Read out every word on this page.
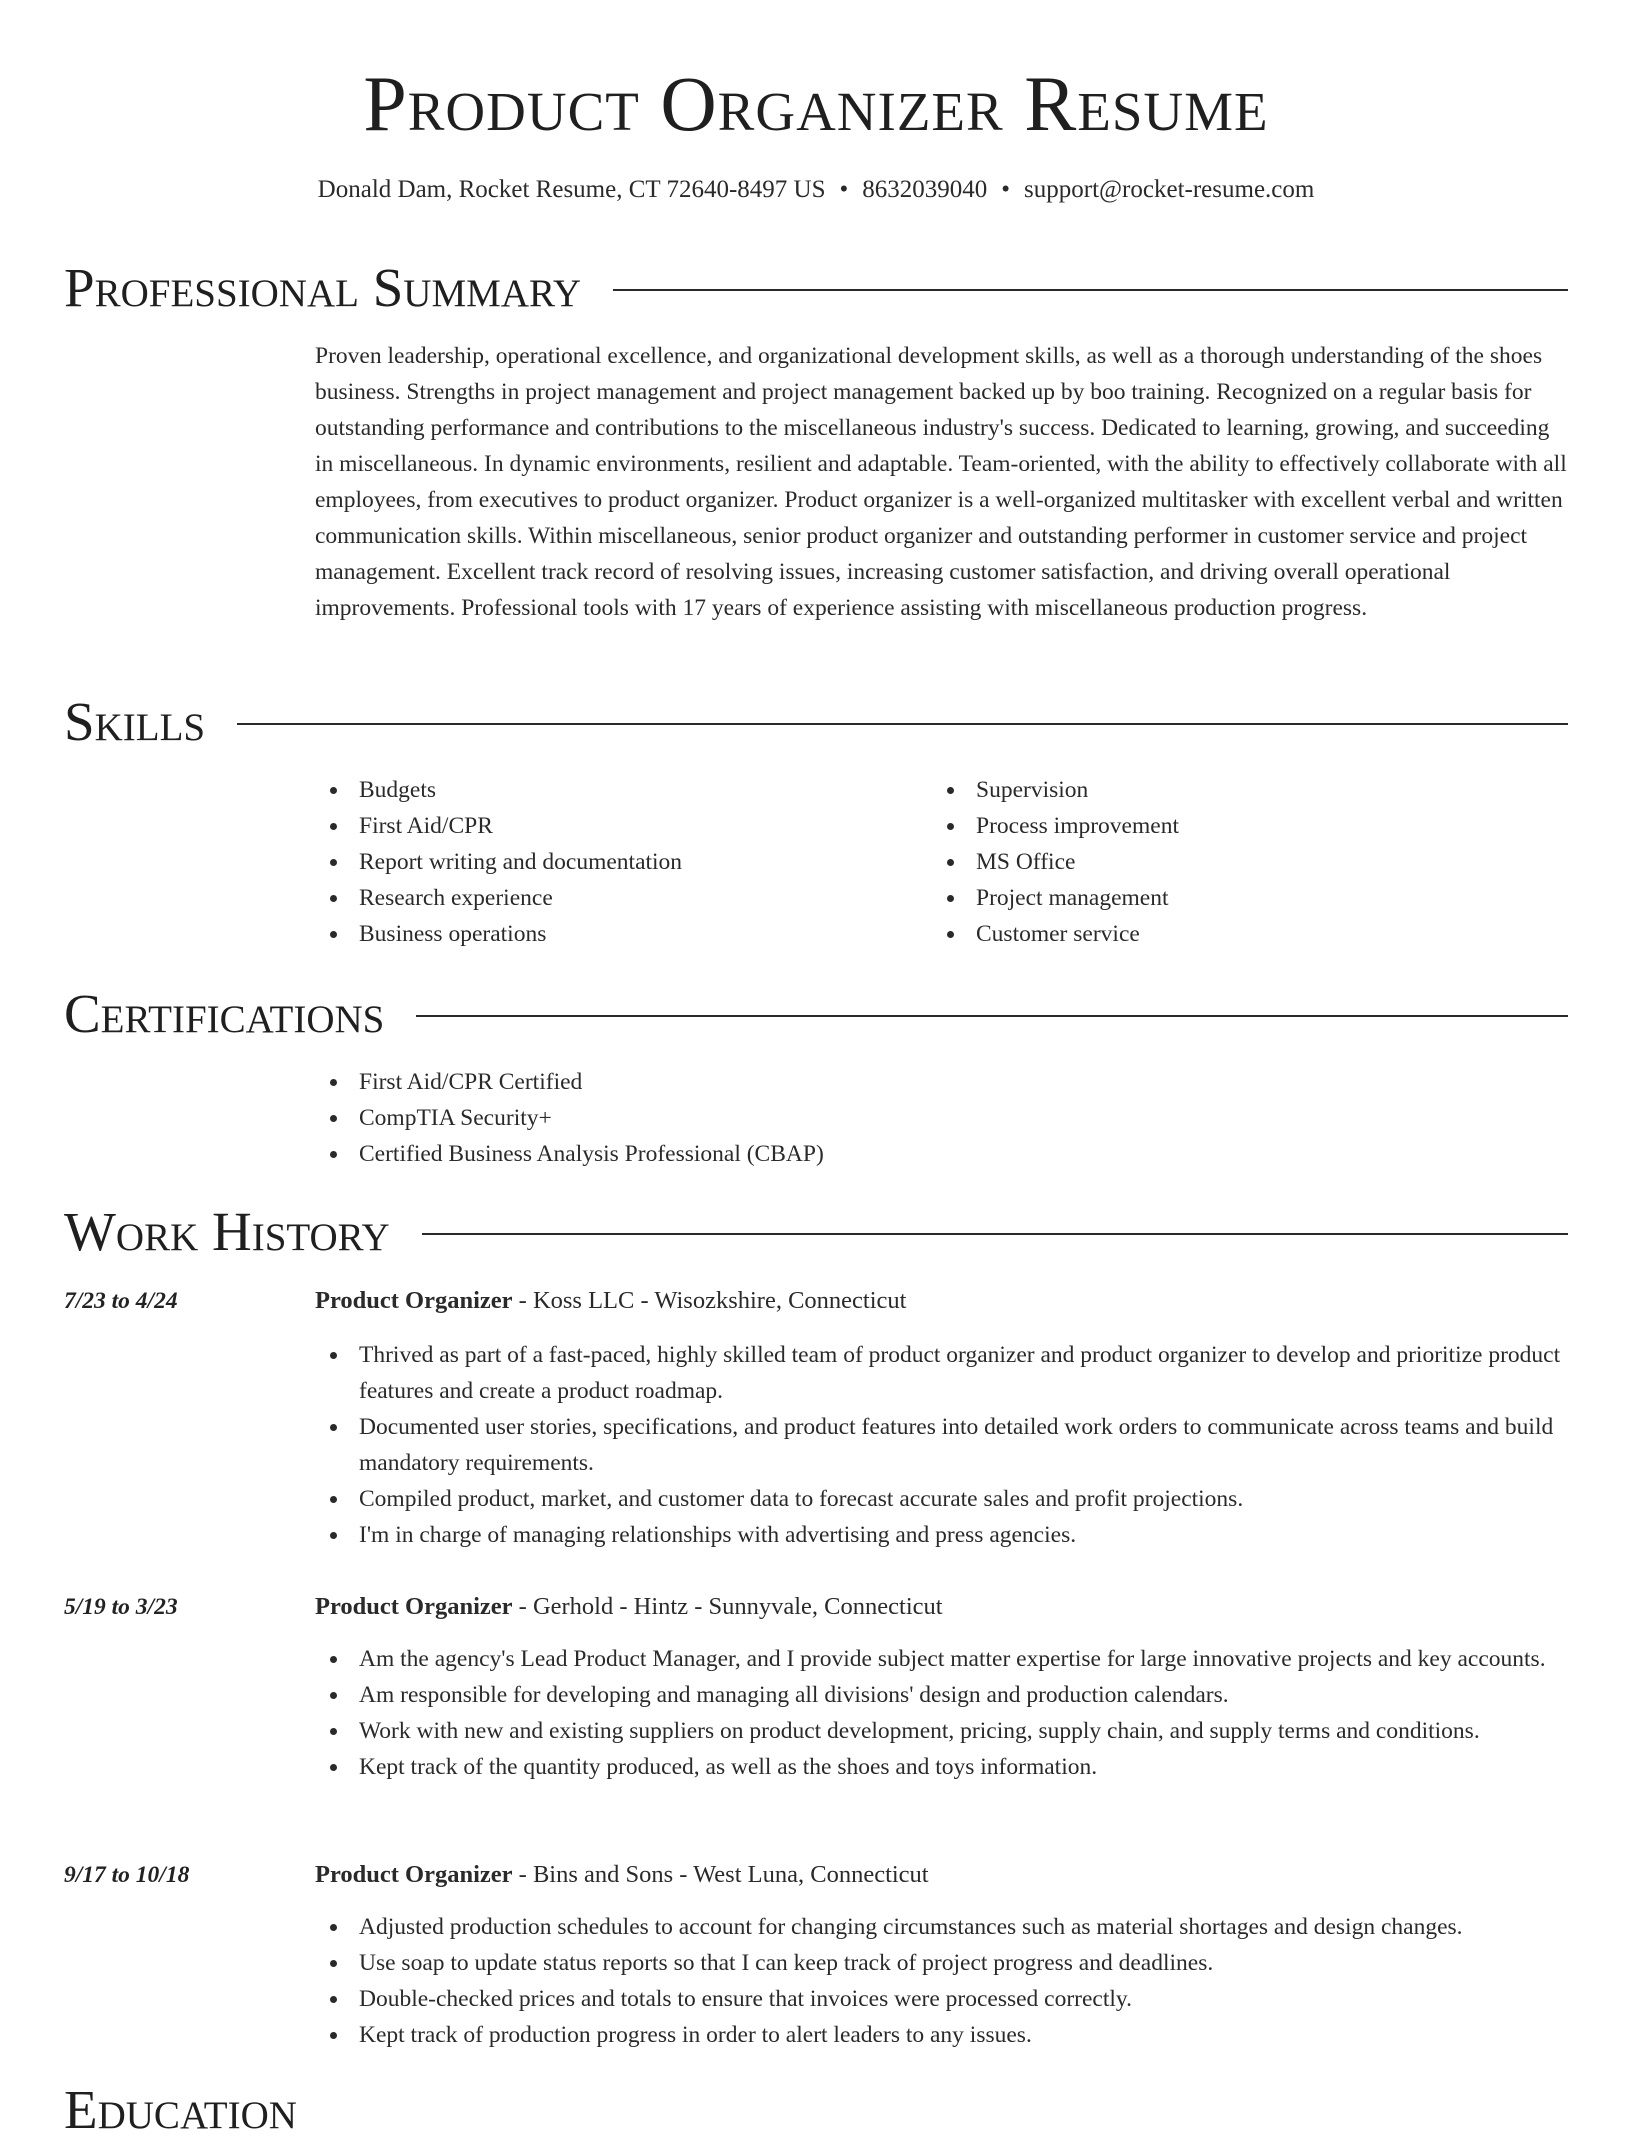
Product Organizer Resume
Donald Dam, Rocket Resume, CT 72640-8497 US • 8632039040 • support@rocket-resume.com
Professional Summary
Proven leadership, operational excellence, and organizational development skills, as well as a thorough understanding of the shoes business. Strengths in project management and project management backed up by boo training. Recognized on a regular basis for outstanding performance and contributions to the miscellaneous industry's success. Dedicated to learning, growing, and succeeding in miscellaneous. In dynamic environments, resilient and adaptable. Team-oriented, with the ability to effectively collaborate with all employees, from executives to product organizer. Product organizer is a well-organized multitasker with excellent verbal and written communication skills. Within miscellaneous, senior product organizer and outstanding performer in customer service and project management. Excellent track record of resolving issues, increasing customer satisfaction, and driving overall operational improvements. Professional tools with 17 years of experience assisting with miscellaneous production progress.
Skills
Budgets
First Aid/CPR
Report writing and documentation
Research experience
Business operations
Supervision
Process improvement
MS Office
Project management
Customer service
Certifications
First Aid/CPR Certified
CompTIA Security+
Certified Business Analysis Professional (CBAP)
Work History
7/23 to 4/24	Product Organizer - Koss LLC - Wisozkshire, Connecticut
Thrived as part of a fast-paced, highly skilled team of product organizer and product organizer to develop and prioritize product features and create a product roadmap.
Documented user stories, specifications, and product features into detailed work orders to communicate across teams and build mandatory requirements.
Compiled product, market, and customer data to forecast accurate sales and profit projections.
I'm in charge of managing relationships with advertising and press agencies.
5/19 to 3/23	Product Organizer - Gerhold - Hintz - Sunnyvale, Connecticut
Am the agency's Lead Product Manager, and I provide subject matter expertise for large innovative projects and key accounts.
Am responsible for developing and managing all divisions' design and production calendars.
Work with new and existing suppliers on product development, pricing, supply chain, and supply terms and conditions.
Kept track of the quantity produced, as well as the shoes and toys information.
9/17 to 10/18	Product Organizer - Bins and Sons - West Luna, Connecticut
Adjusted production schedules to account for changing circumstances such as material shortages and design changes.
Use soap to update status reports so that I can keep track of project progress and deadlines.
Double-checked prices and totals to ensure that invoices were processed correctly.
Kept track of production progress in order to alert leaders to any issues.
Education
